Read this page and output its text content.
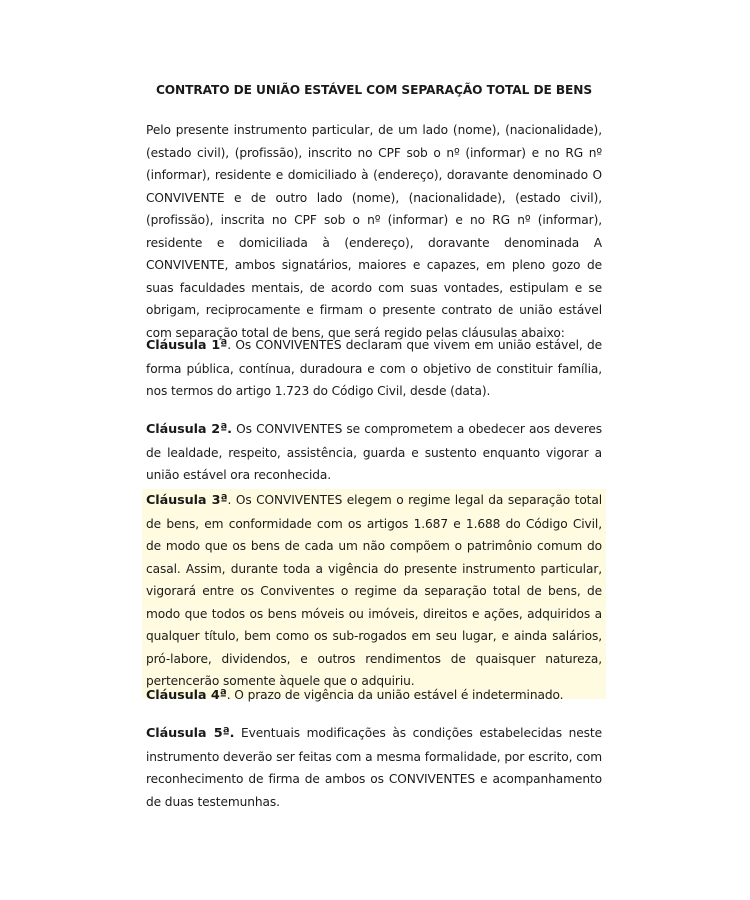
CONTRATO DE UNIÃO ESTÁVEL COM SEPARAÇÃO TOTAL DE BENS

Pelo presente instrumento particular, de um lado (nome), (nacionalidade), (estado civil), (profissão), inscrito no CPF sob o nº (informar) e no RG nº (informar), residente e domiciliado à (endereço), doravante denominado O CONVIVENTE e de outro lado (nome), (nacionalidade), (estado civil), (profissão), inscrita no CPF sob o nº (informar) e no RG nº (informar), residente e domiciliada à (endereço), doravante denominada A CONVIVENTE, ambos signatários, maiores e capazes, em pleno gozo de suas faculdades mentais, de acordo com suas vontades, estipulam e se obrigam, reciprocamente e firmam o presente contrato de união estável com separação total de bens, que será regido pelas cláusulas abaixo:

Cláusula 1ª. Os CONVIVENTES declaram que vivem em união estável, de forma pública, contínua, duradoura e com o objetivo de constituir família, nos termos do artigo 1.723 do Código Civil, desde (data).

Cláusula 2ª. Os CONVIVENTES se comprometem a obedecer aos deveres de lealdade, respeito, assistência, guarda e sustento enquanto vigorar a união estável ora reconhecida.

Cláusula 3ª. Os CONVIVENTES elegem o regime legal da separação total de bens, em conformidade com os artigos 1.687 e 1.688 do Código Civil, de modo que os bens de cada um não compõem o patrimônio comum do casal. Assim, durante toda a vigência do presente instrumento particular, vigorará entre os Conviventes o regime da separação total de bens, de modo que todos os bens móveis ou imóveis, direitos e ações, adquiridos a qualquer título, bem como os sub-rogados em seu lugar, e ainda salários, pró-labore, dividendos, e outros rendimentos de quaisquer natureza, pertencerão somente àquele que o adquiriu.

Cláusula 4ª. O prazo de vigência da união estável é indeterminado.

Cláusula 5ª. Eventuais modificações às condições estabelecidas neste instrumento deverão ser feitas com a mesma formalidade, por escrito, com reconhecimento de firma de ambos os CONVIVENTES e acompanhamento de duas testemunhas.
